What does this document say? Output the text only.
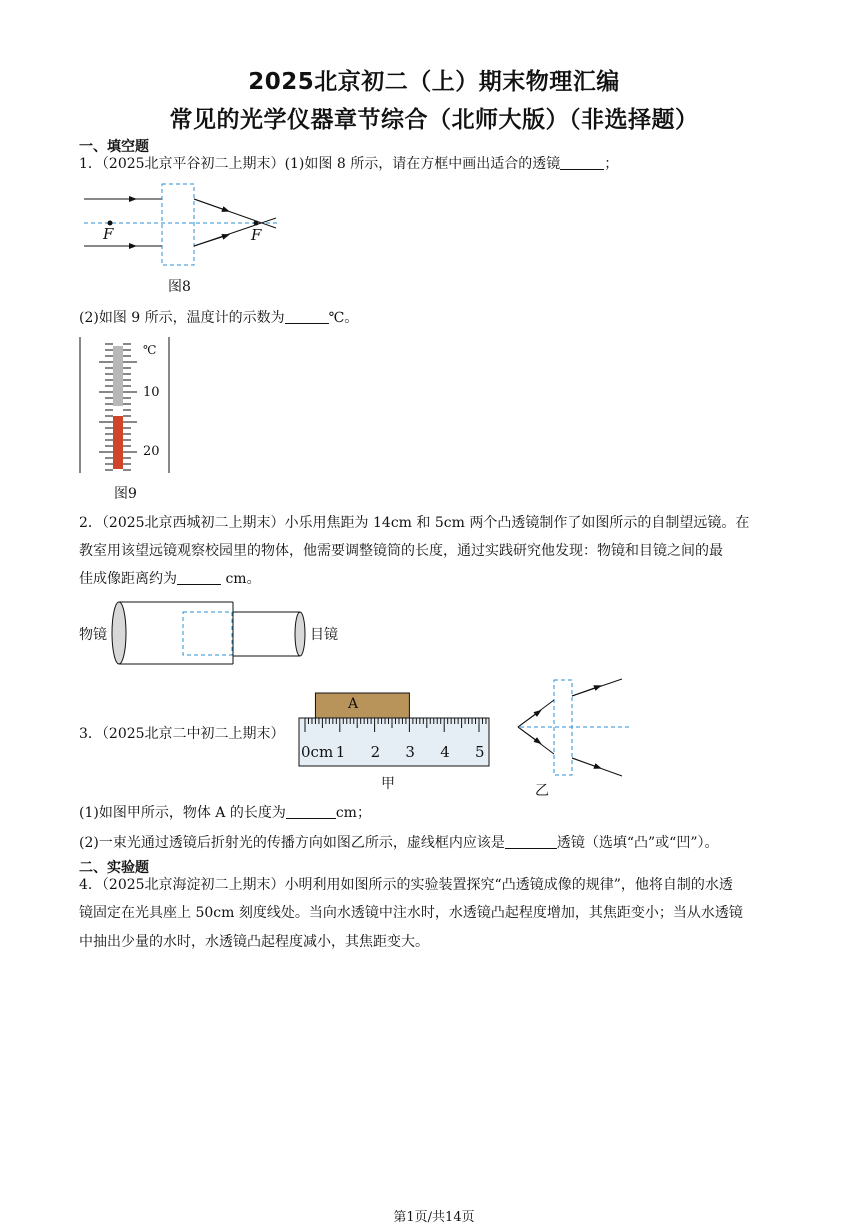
2025北京初二（上）期末物理汇编
常见的光学仪器章节综合（北师大版）（非选择题）

一、填空题

1．（2025北京平谷初二上期末）(1)如图 8 所示，请在方框中画出适合的透镜	；

F	F
图8

(2)如图 9 所示，温度计的示数为	℃。

℃
10
20
图9

2．（2025北京西城初二上期末）小乐用焦距为 14cm 和 5cm 两个凸透镜制作了如图所示的自制望远镜。在

教室用该望远镜观察校园里的物体，他需要调整镜筒的长度，通过实践研究他发现：物镜和目镜之间的最

佳成像距离约为	cm。

物镜	目镜

3．（2025北京二中初二上期末）

A
0cm 1 2 3 4 5
甲	乙

(1)如图甲所示，物体 A 的长度为	cm；

(2)一束光通过透镜后折射光的传播方向如图乙所示，虚线框内应该是	透镜（选填“凸”或“凹”）。

二、实验题

4．（2025北京海淀初二上期末）小明利用如图所示的实验装置探究“凸透镜成像的规律”，他将自制的水透

镜固定在光具座上 50cm 刻度线处。当向水透镜中注水时，水透镜凸起程度增加，其焦距变小；当从水透镜

中抽出少量的水时，水透镜凸起程度减小，其焦距变大。

第1页/共14页
